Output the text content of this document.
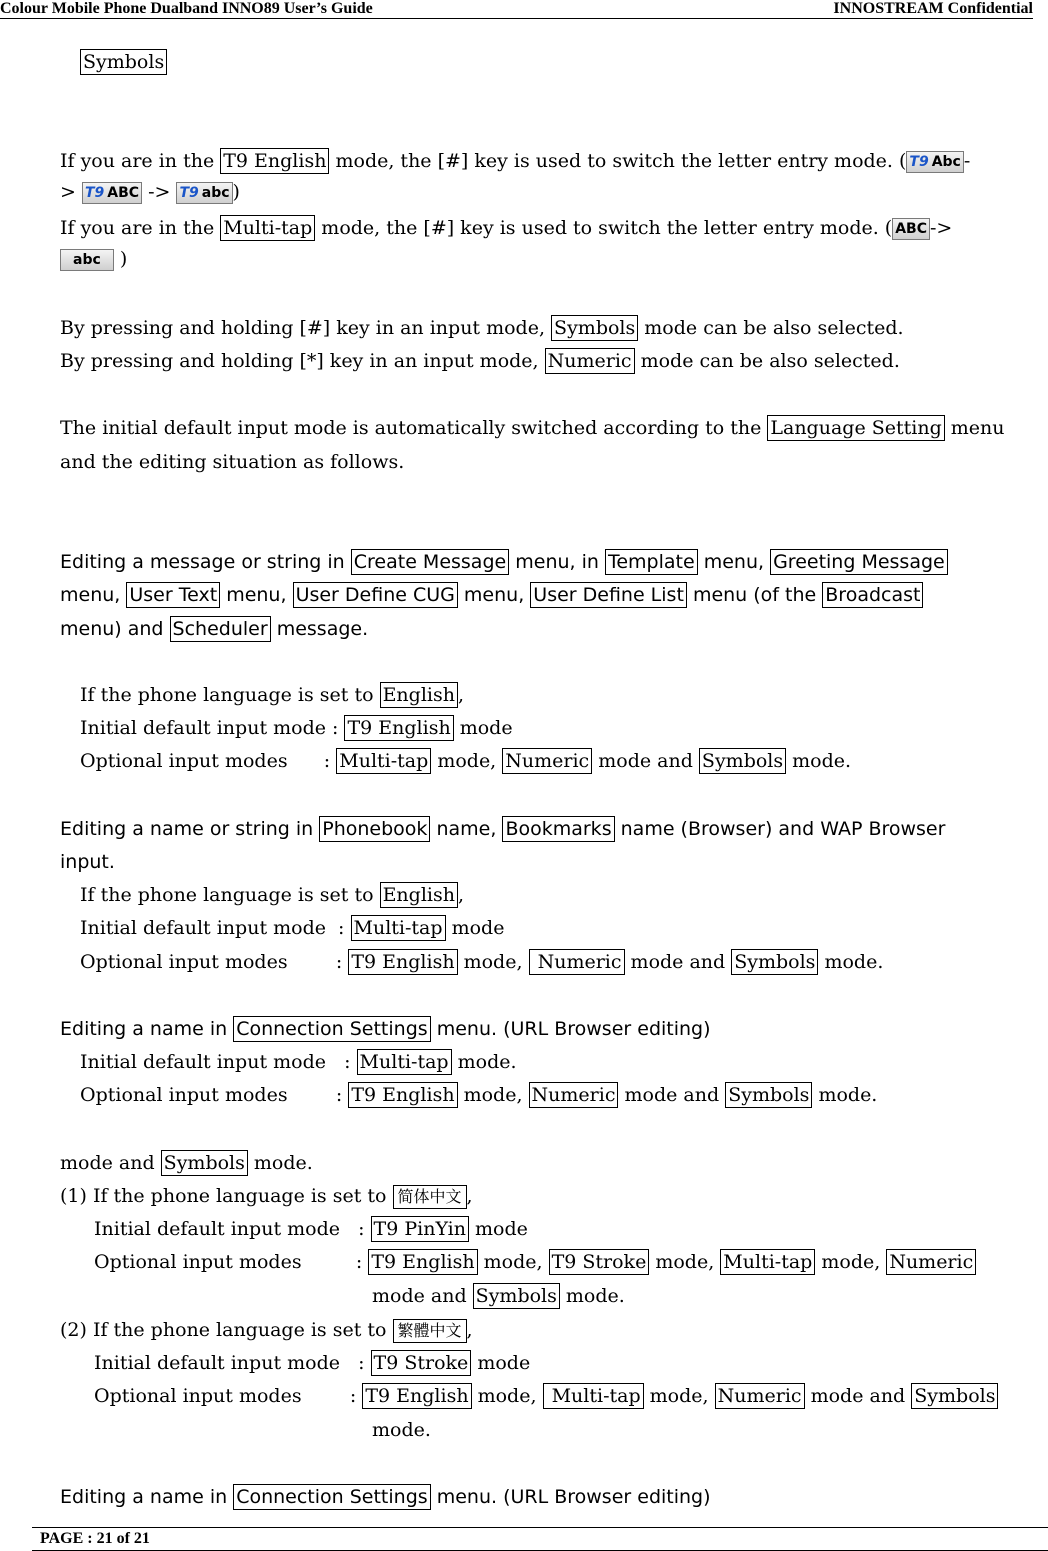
Colour Mobile Phone Dualband INNO89 User’s Guide	INNOSTREAM Confidential
Symbols
If you are in the T9 English mode, the [#] key is used to switch the letter entry mode. ( T9 Abc -
> T9 ABC -> T9 abc )
If you are in the Multi-tap mode, the [#] key is used to switch the letter entry mode. ( ABC ->
abc )
By pressing and holding [#] key in an input mode, Symbols mode can be also selected.
By pressing and holding [*] key in an input mode, Numeric mode can be also selected.
The initial default input mode is automatically switched according to the Language Setting menu
and the editing situation as follows.
Editing a message or string in Create Message menu, in Template menu, Greeting Message
menu, User Text menu, User Define CUG menu, User Define List menu (of the Broadcast
menu) and Scheduler message.
If the phone language is set to English ,
Initial default input mode : T9 English mode
Optional input modes      : Multi-tap mode, Numeric mode and Symbols mode.
Editing a name or string in Phonebook name, Bookmarks name (Browser) and WAP Browser
input.
If the phone language is set to English ,
Initial default input mode  : Multi-tap mode
Optional input modes        : T9 English mode,  Numeric mode and Symbols mode.
Editing a name in Connection Settings menu. (URL Browser editing)
Initial default input mode   : Multi-tap mode.
Optional input modes        : T9 English mode, Numeric mode and Symbols mode.
mode and Symbols mode.
(1) If the phone language is set to 简体中文 ,
Initial default input mode   : T9 PinYin mode
Optional input modes         : T9 English mode, T9 Stroke mode, Multi-tap mode, Numeric
mode and Symbols mode.
(2) If the phone language is set to 繁體中文 ,
Initial default input mode   : T9 Stroke mode
Optional input modes        : T9 English mode,  Multi-tap mode, Numeric mode and Symbols
mode.
Editing a name in Connection Settings menu. (URL Browser editing)
PAGE : 21 of 21
